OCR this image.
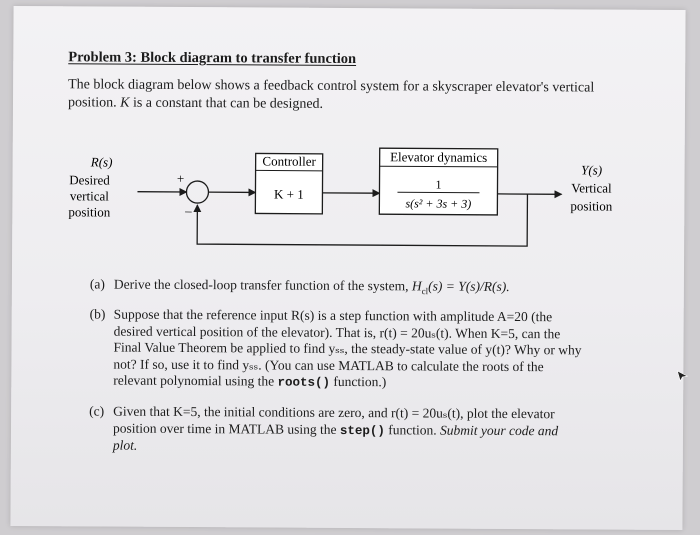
Problem 3: Block diagram to transfer function
The block diagram below shows a feedback control system for a skyscraper elevator's vertical position. K is a constant that can be designed.
R(s)
Desired
vertical
position
+
–
Controller
K + 1
Elevator dynamics
1
s(s² + 3s + 3)
Y(s)
Vertical
position
(a) Derive the closed-loop transfer function of the system, $H_{cl}(s) = Y(s)/R(s)$.
(b) Suppose that the reference input R(s) is a step function with amplitude A=20 (the
desired vertical position of the elevator). That is, r(t) = 20uₛ(t). When K=5, can the
Final Value Theorem be applied to find yₛₛ, the steady-state value of y(t)? Why or why
not? If so, use it to find yₛₛ. (You can use MATLAB to calculate the roots of the
relevant polynomial using the roots() function.)
(c) Given that K=5, the initial conditions are zero, and r(t) = 20uₛ(t), plot the elevator
position over time in MATLAB using the step() function. Submit your code and
plot.
